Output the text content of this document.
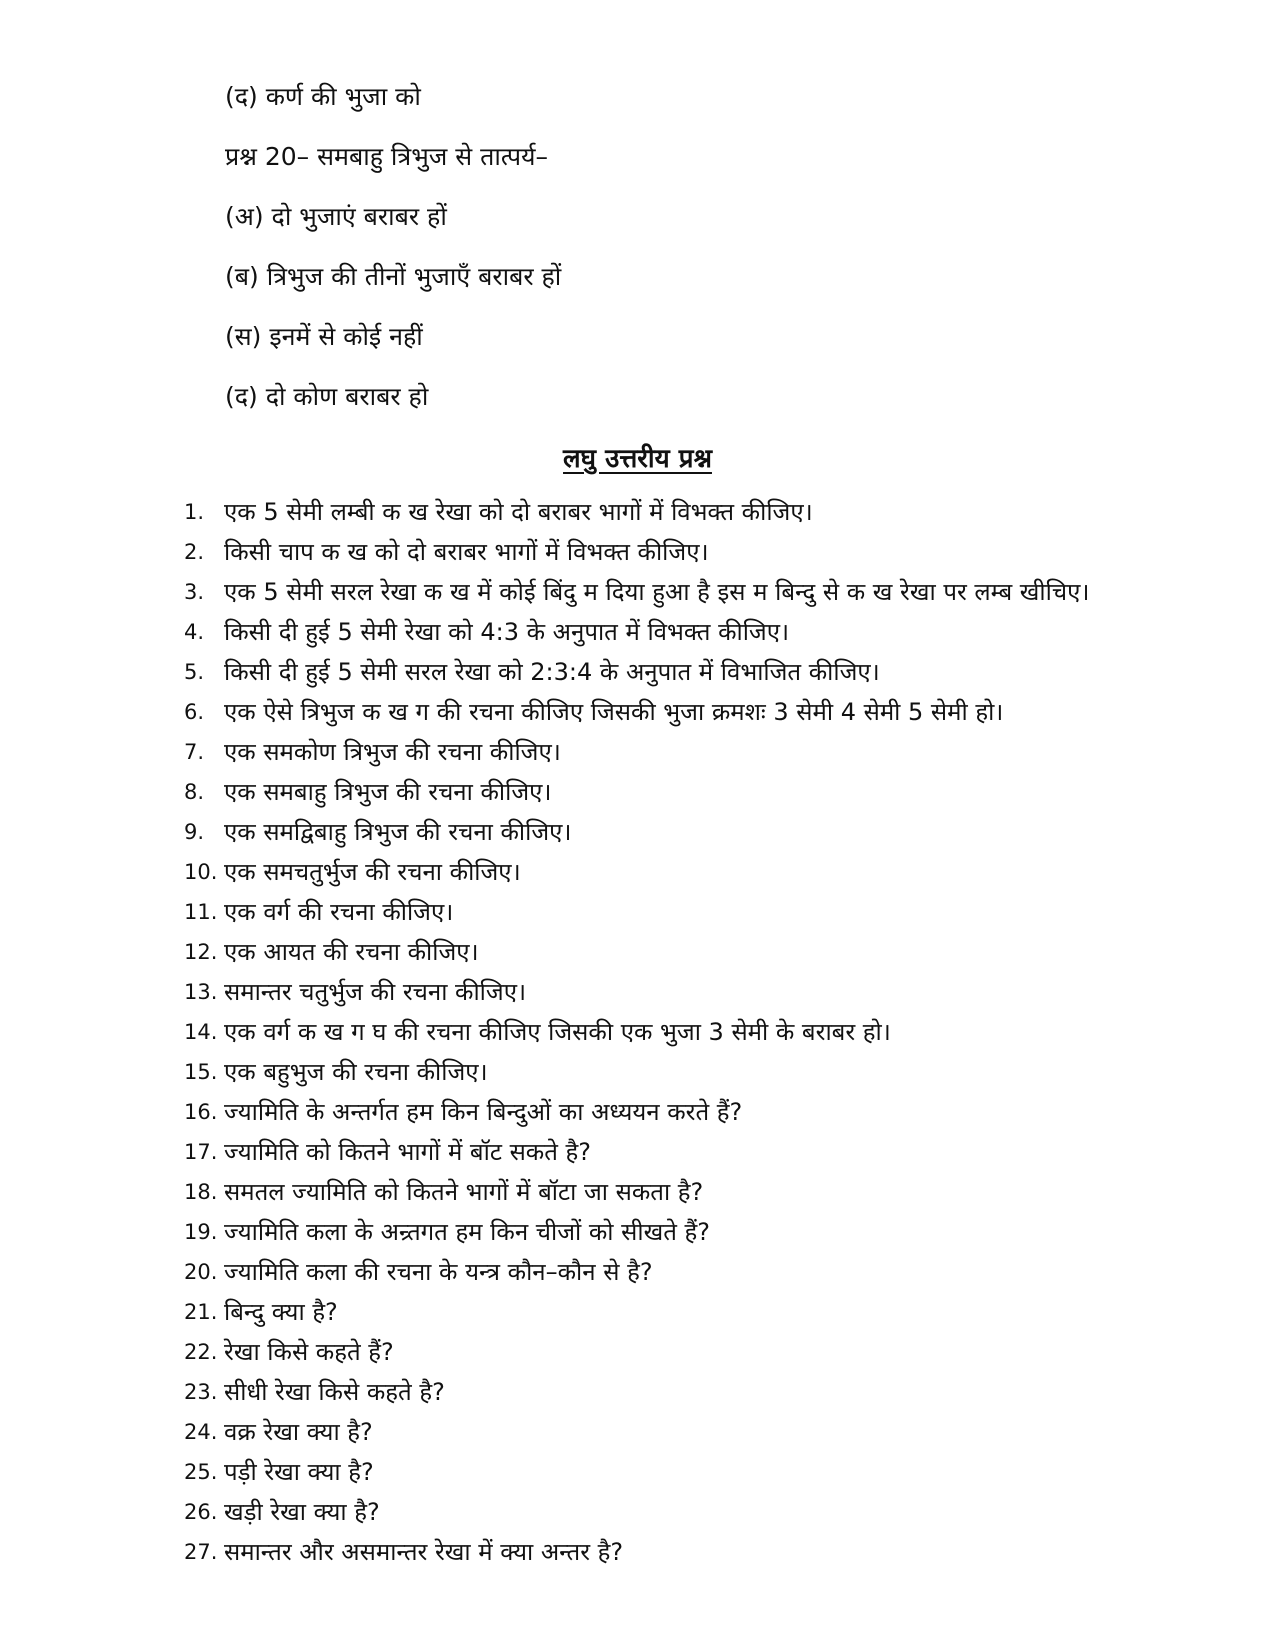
(द) कर्ण की भुजा को
प्रश्न 20– समबाहु त्रिभुज से तात्पर्य–
(अ) दो भुजाएं बराबर हों
(ब) त्रिभुज की तीनों भुजाएँ बराबर हों
(स) इनमें से कोई नहीं
(द) दो कोण बराबर हो
लघु उत्तरीय प्रश्न
1. एक 5 सेमी लम्बी क ख रेखा को दो बराबर भागों में विभक्त कीजिए।
2. किसी चाप क ख को दो बराबर भागों में विभक्त कीजिए।
3. एक 5 सेमी सरल रेखा क ख में कोई बिंदु म दिया हुआ है इस म बिन्दु से क ख रेखा पर लम्ब खीचिए।
4. किसी दी हुई 5 सेमी रेखा को 4:3 के अनुपात में विभक्त कीजिए।
5. किसी दी हुई 5 सेमी सरल रेखा को 2:3:4 के अनुपात में विभाजित कीजिए।
6. एक ऐसे त्रिभुज क ख ग की रचना कीजिए जिसकी भुजा क्रमशः 3 सेमी 4 सेमी 5 सेमी हो।
7. एक समकोण त्रिभुज की रचना कीजिए।
8. एक समबाहु त्रिभुज की रचना कीजिए।
9. एक समद्विबाहु त्रिभुज की रचना कीजिए।
10. एक समचतुर्भुज की रचना कीजिए।
11. एक वर्ग की रचना कीजिए।
12. एक आयत की रचना कीजिए।
13. समान्तर चतुर्भुज की रचना कीजिए।
14. एक वर्ग क ख ग घ की रचना कीजिए जिसकी एक भुजा 3 सेमी के बराबर हो।
15. एक बहुभुज की रचना कीजिए।
16. ज्यामिति के अन्तर्गत हम किन बिन्दुओं का अध्ययन करते हैं?
17. ज्यामिति को कितने भागों में बॉट सकते है?
18. समतल ज्यामिति को कितने भागों में बॉटा जा सकता है?
19. ज्यामिति कला के अन्र्तगत हम किन चीजों को सीखते हैं?
20. ज्यामिति कला की रचना के यन्त्र कौन–कौन से है?
21. बिन्दु क्या है?
22. रेखा किसे कहते हैं?
23. सीधी रेखा किसे कहते है?
24. वक्र रेखा क्या है?
25. पड़ी रेखा क्या है?
26. खड़ी रेखा क्या है?
27. समान्तर और असमान्तर रेखा में क्या अन्तर है?
